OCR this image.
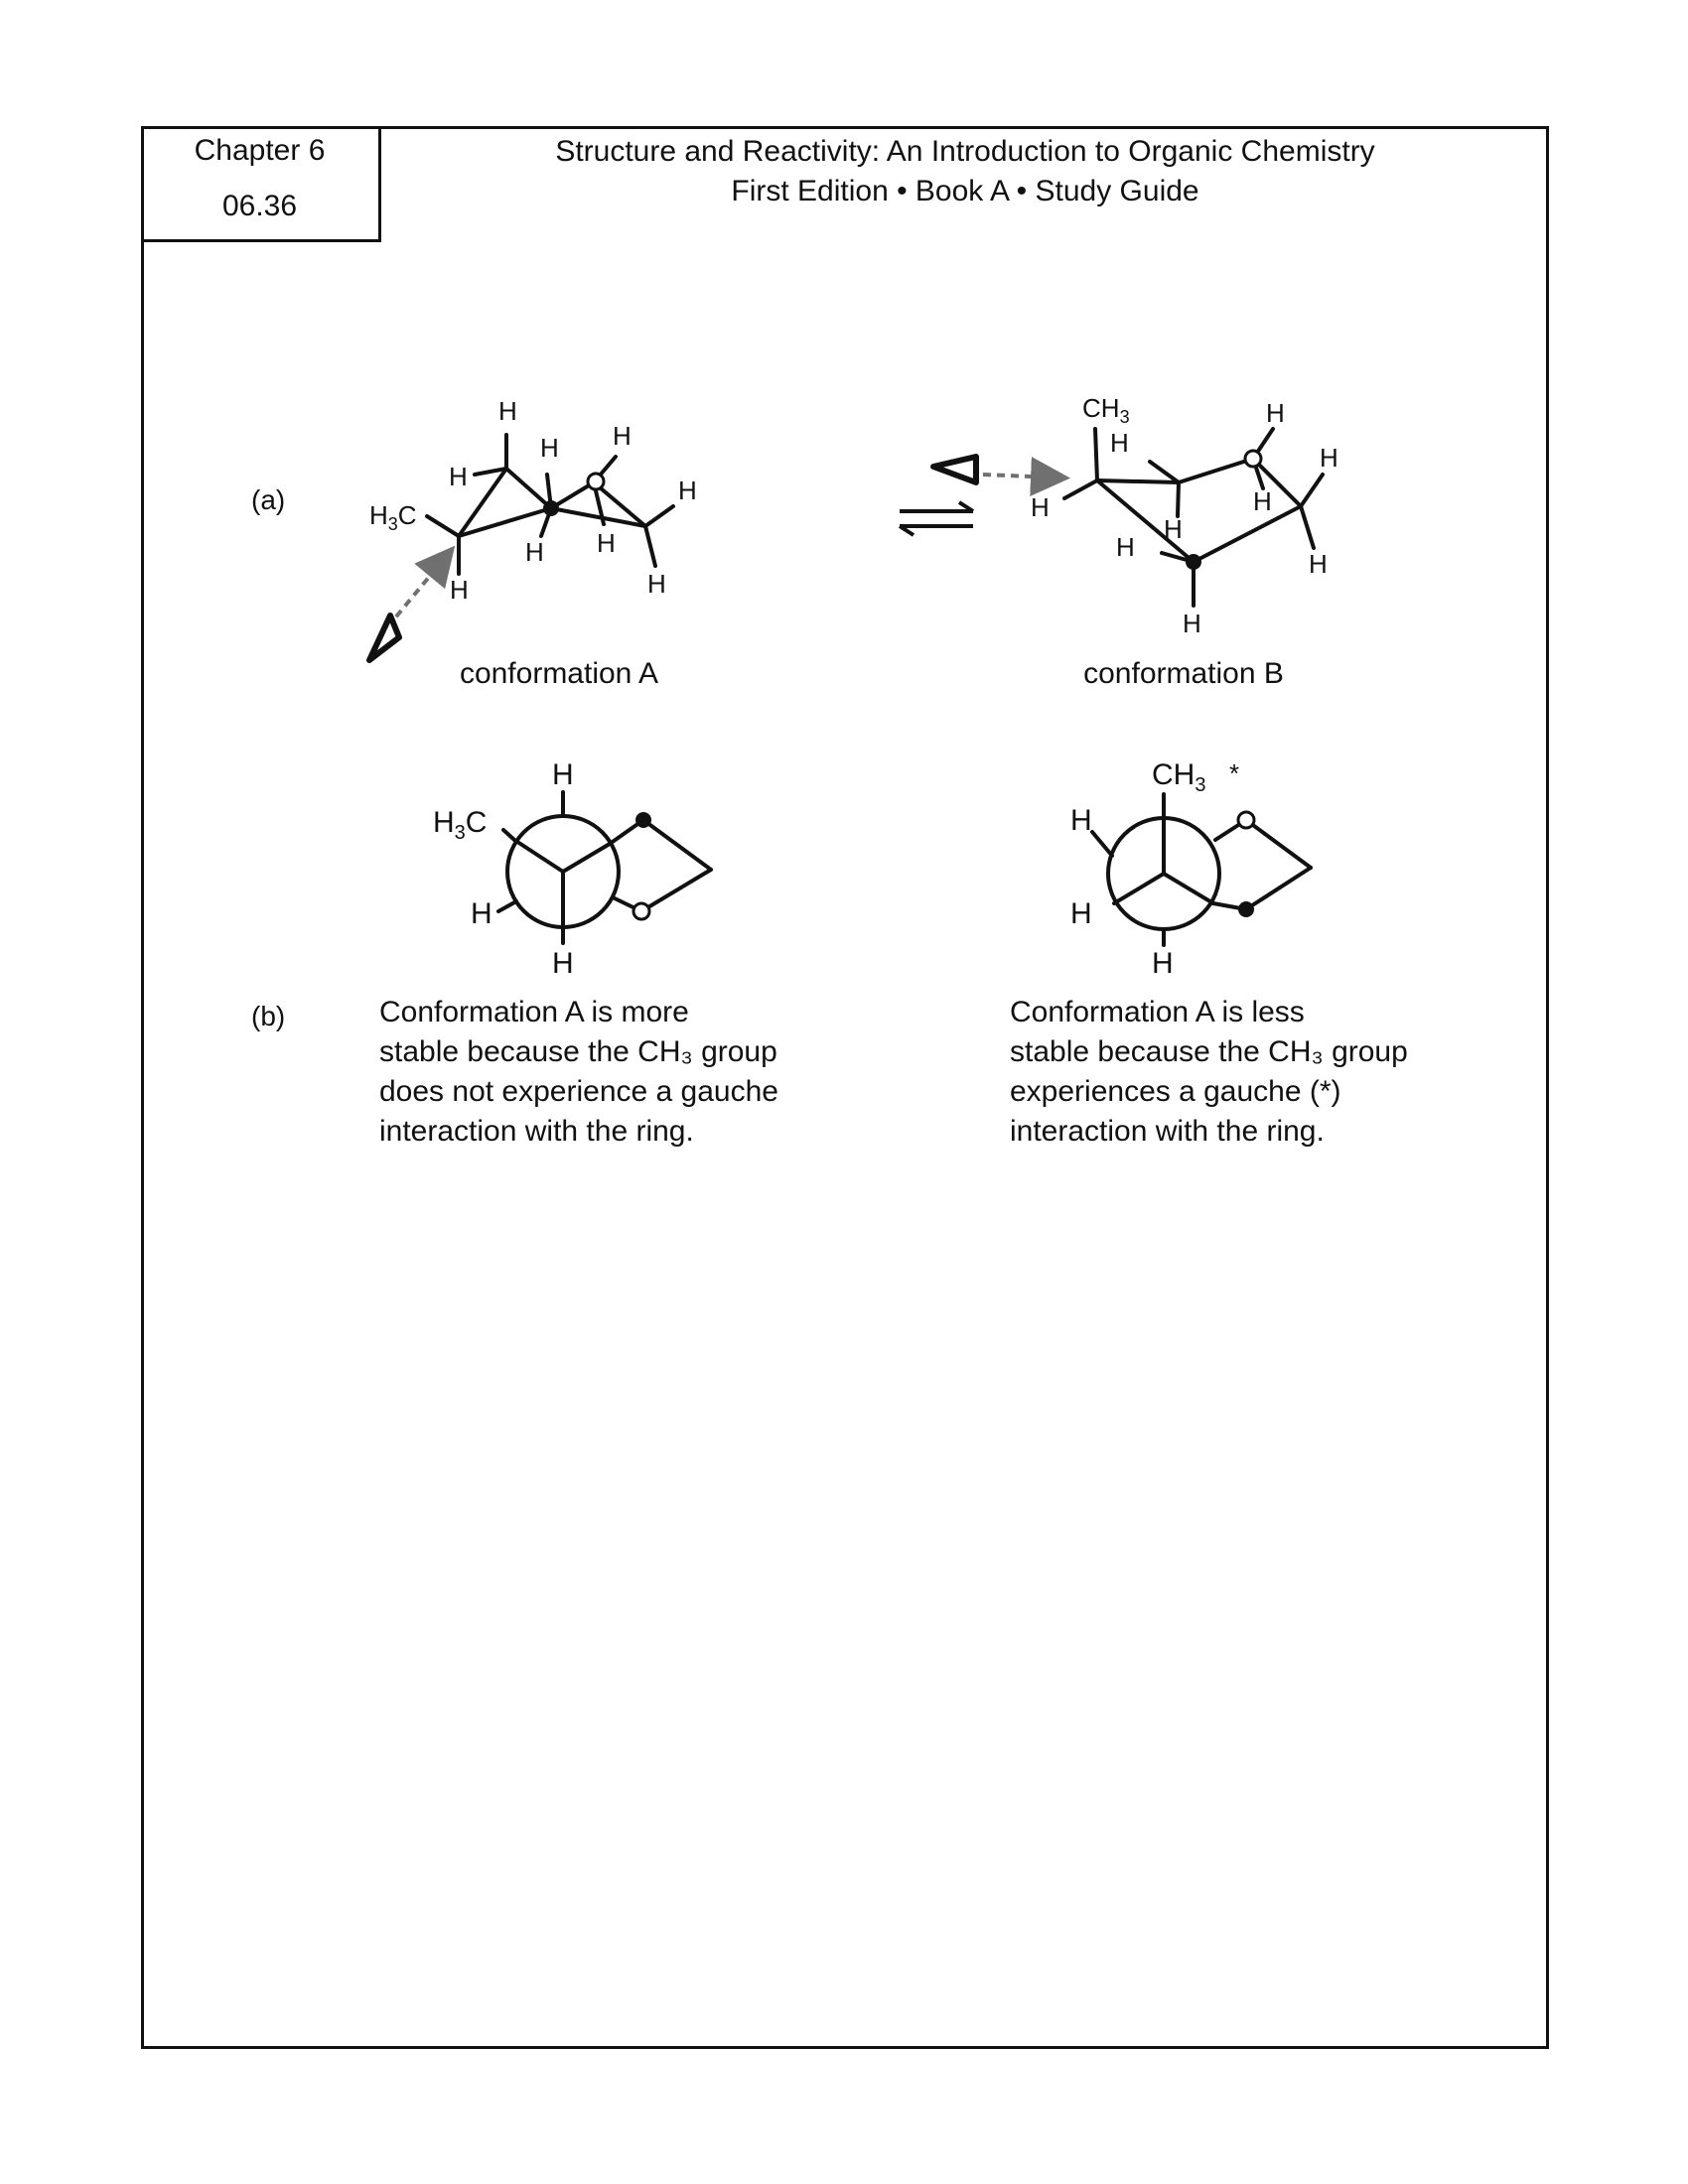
Chapter 6
06.36
Structure and Reactivity: An Introduction to Organic Chemistry
First Edition • Book A • Study Guide
(a)
(b)
H
H
H H
H
$H_3C$
H
H H
H
$CH_3$
H
H
H
H
H
H
H
H
H
H
$H_3C$
H
H
$CH_3$ *
H
H
H
conformation A	conformation B
Conformation A is more
stable because the CH₃ group
does not experience a gauche
interaction with the ring.
Conformation A is less
stable because the CH₃ group
experiences a gauche (*)
interaction with the ring.
